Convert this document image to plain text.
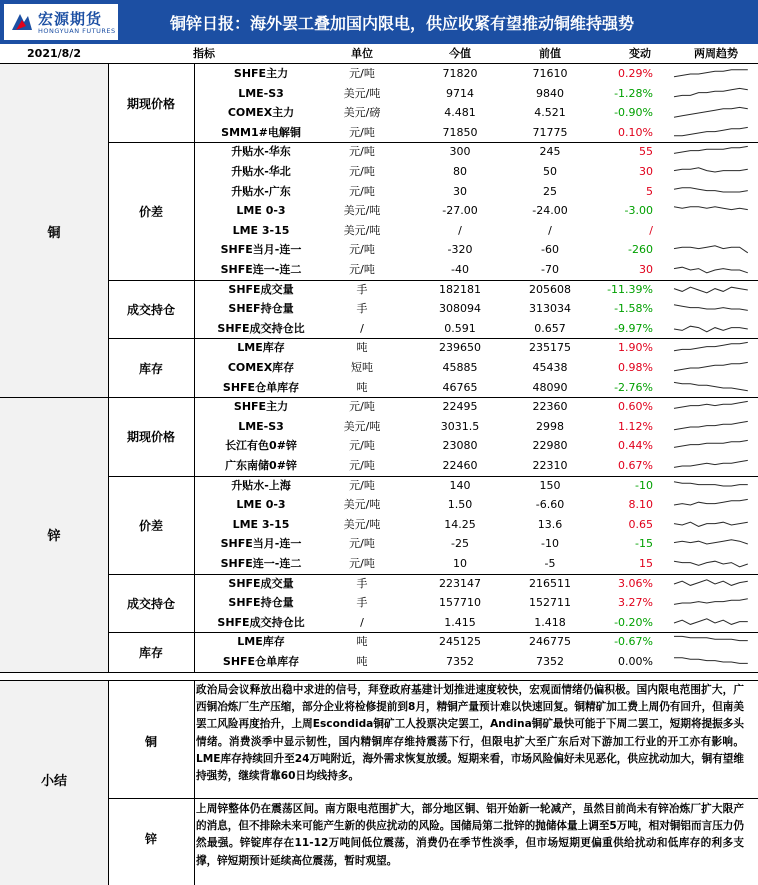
宏源期货
HONGYUAN FUTURES	铜锌日报：海外罢工叠加国内限电，供应收紧有望推动铜维持强势
2021/8/2	指标	单位	今值	前值	变动	两周趋势
SHFE主力	元/吨	71820	71610	0.29%
LME-S3	美元/吨	9714	9840	-1.28%
COMEX主力	美元/磅	4.481	4.521	-0.90%
SMM1#电解铜	元/吨	71850	71775	0.10%
期现价格
升贴水-华东	元/吨	300	245	55
升贴水-华北	元/吨	80	50	30
升贴水-广东	元/吨	30	25	5
LME 0-3	美元/吨	-27.00	-24.00	-3.00
LME 3-15	美元/吨	/	/	/
SHFE当月-连一	元/吨	-320	-60	-260
SHFE连一-连二	元/吨	-40	-70	30
价差
SHFE成交量	手	182181	205608	-11.39%
SHEF持仓量	手	308094	313034	-1.58%
SHFE成交持仓比	/	0.591	0.657	-9.97%
成交持仓
LME库存	吨	239650	235175	1.90%
COMEX库存	短吨	45885	45438	0.98%
SHFE仓单库存	吨	46765	48090	-2.76%
库存
铜
SHFE主力	元/吨	22495	22360	0.60%
LME-S3	美元/吨	3031.5	2998	1.12%
长江有色0#锌	元/吨	23080	22980	0.44%
广东南储0#锌	元/吨	22460	22310	0.67%
期现价格
升贴水-上海	元/吨	140	150	-10
LME 0-3	美元/吨	1.50	-6.60	8.10
LME 3-15	美元/吨	14.25	13.6	0.65
SHFE当月-连一	元/吨	-25	-10	-15
SHFE连一-连二	元/吨	10	-5	15
价差
SHFE成交量	手	223147	216511	3.06%
SHFE持仓量	手	157710	152711	3.27%
SHFE成交持仓比	/	1.415	1.418	-0.20%
成交持仓
LME库存	吨	245125	246775	-0.67%
SHFE仓单库存	吨	7352	7352	0.00%
库存
锌
小结
铜
政治局会议释放出稳中求进的信号，拜登政府基建计划推进速度较快，宏观面情绪仍偏积极。国内限电范围扩大，广西铜冶炼厂生产压缩，部分企业将检修提前到8月，精铜产量预计难以快速回复。铜精矿加工费上周仍有回升，但南美罢工风险再度抬升，上周Escondida铜矿工人投票决定罢工，Andina铜矿最快可能于下周二罢工，短期将提振多头情绪。消费淡季中显示韧性，国内精铜库存维持震荡下行，但限电扩大至广东后对下游加工行业的开工亦有影响。LME库存持续回升至24万吨附近，海外需求恢复放缓。短期来看，市场风险偏好未见恶化，供应扰动加大，铜有望维持强势，继续背靠60日均线持多。
锌
上周锌整体仍在震荡区间。南方限电范围扩大，部分地区铜、铝开始新一轮减产，虽然目前尚未有锌冶炼厂扩大限产的消息，但不排除未来可能产生新的供应扰动的风险。国储局第二批锌的抛储体量上调至5万吨，相对铜铝而言压力仍然最强。锌锭库存在11-12万吨间低位震荡，消费仍在季节性淡季，但市场短期更偏重供给扰动和低库存的利多支撑，锌短期预计延续高位震荡，暂时观望。
